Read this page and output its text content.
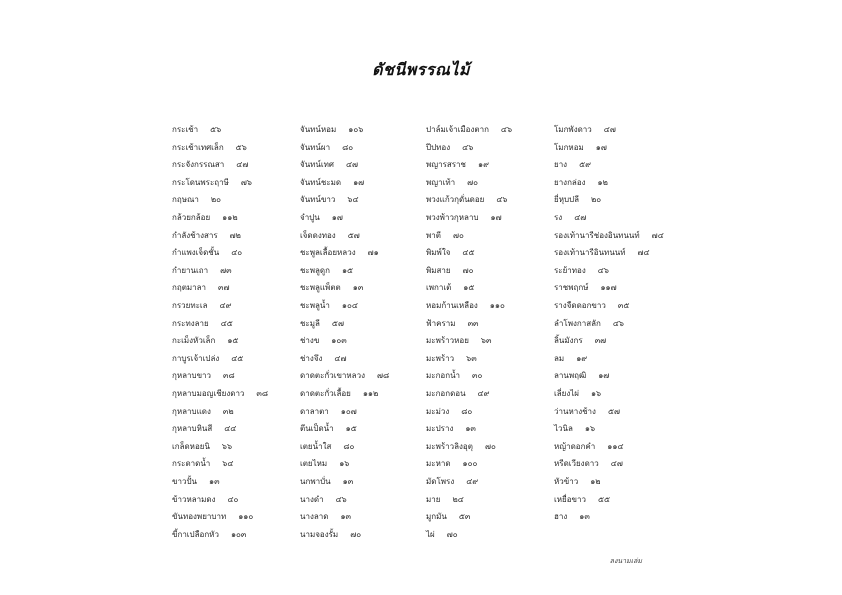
ดัชนีพรรณไม้
กระเช้า ๕๖
กระเช้าเทศเล็ก ๕๖
กระจังกรรณสา ๔๗
กระโดนพระฤาษี ๗๖
กฤษณา ๒๐
กล้วยกล้อย ๑๑๒
กำลังช้างสาร ๗๒
กำแพงเจ็ดชั้น ๔๐
กำยานเถา ๗๓
กฤตมาลา ๓๗
กรวยทะเล ๔๙
กระทงลาย ๔๕
กะเม็งหัวเล็ก ๑๕
กาบูรเจ้าเปล่ง ๔๕
กุหลาบขาว ๓๘
กุหลาบมอญเชียงดาว ๓๘
กุหลาบแดง ๓๒
กุหลาบหินสี ๔๔
เกล็ดหอยนิ ๖๖
กระดาดน้ำ ๖๔
ขาวปั้น ๑๓
ข้าวหลามดง ๔๐
ขันทองพยาบาท ๑๑๐
ขี้กาเปลือกหัว ๑๐๓
จันทน์หอม ๑๐๖
จันทน์ผา ๘๐
จันทน์เทศ ๔๗
จันทน์ชะมด ๑๗
จันทน์ขาว ๖๔
จำปูน ๑๗
เจ็ดดงทอง ๕๗
ชะพูลเลื้อยหลวง ๗๑
ชะพลูดูก ๑๕
ชะพลูแพ็ตต ๑๓
ชะพลูน้ำ ๑๐๔
ชะมูลี ๕๗
ช่างข ๑๐๓
ช่างจึง ๔๗
ดาดตะกั่วเขาหลวง ๗๘
ดาดตะกั่วเลื้อย ๑๑๒
ดาลาตา ๑๐๗
ตีนเป็ดน้ำ ๑๕
เตยน้ำใส ๘๐
เตยไหม ๑๖
นกพาบั่น ๑๓
นางดำ ๔๖
นางลาด ๑๓
นามจองรั้ม ๗๐
ปาล์มเจ้าเมืองตาก ๔๖
ปีปทอง ๔๖
พญารสราช ๑๙
พญาเท้า ๗๐
พวงแก้วกุดั่นดอย ๔๖
พวงพ้าวกุหลาบ ๑๗
พาตี ๗๐
พิมพ์ใจ ๔๕
พิมสาย ๗๐
เพกาเต้ ๑๕
หอมก้านเหลือง ๑๑๐
ฟ้าคราม ๓๓
มะพร้าวหอย ๖๓
มะพร้าว ๖๓
มะกอกน้ำ ๓๐
มะกอกดอน ๔๙
มะม่วง ๘๐
มะปราง ๑๓
มะพร้าวลิงอุตุ ๗๐
มะหาด ๑๐๐
มัดโพรง ๔๙
มาย ๒๔
มูกมัน ๕๓
ไผ่ ๗๐
โมกพังดาว ๔๗
โมกหอม ๑๗
ยาง ๕๙
ยางกล่อง ๑๒
ยี่หุบปลี ๒๐
รง ๔๗
รองเท้านารีช่องอินทนนท์ ๗๔
รองเท้านารีอินทนนท์ ๗๔
ระย้าทอง ๔๖
ราชพฤกษ์ ๑๑๗
รางจืดดอกขาว ๓๕
ลำโพงกาสลัก ๔๖
ลิ้นมังกร ๓๗
ลม ๑๙
ลานพฤฒิ ๑๗
เลี่ยงไผ่ ๑๖
ว่านหางช้าง ๕๗
ไวนิล ๑๖
หญ้าดอกคำ ๑๑๔
หรีดเวียงดาว ๔๗
หัวข้าว ๑๒
เหยื่อขาว ๕๕
ฮาง ๑๓
ลงนามเล่ม
